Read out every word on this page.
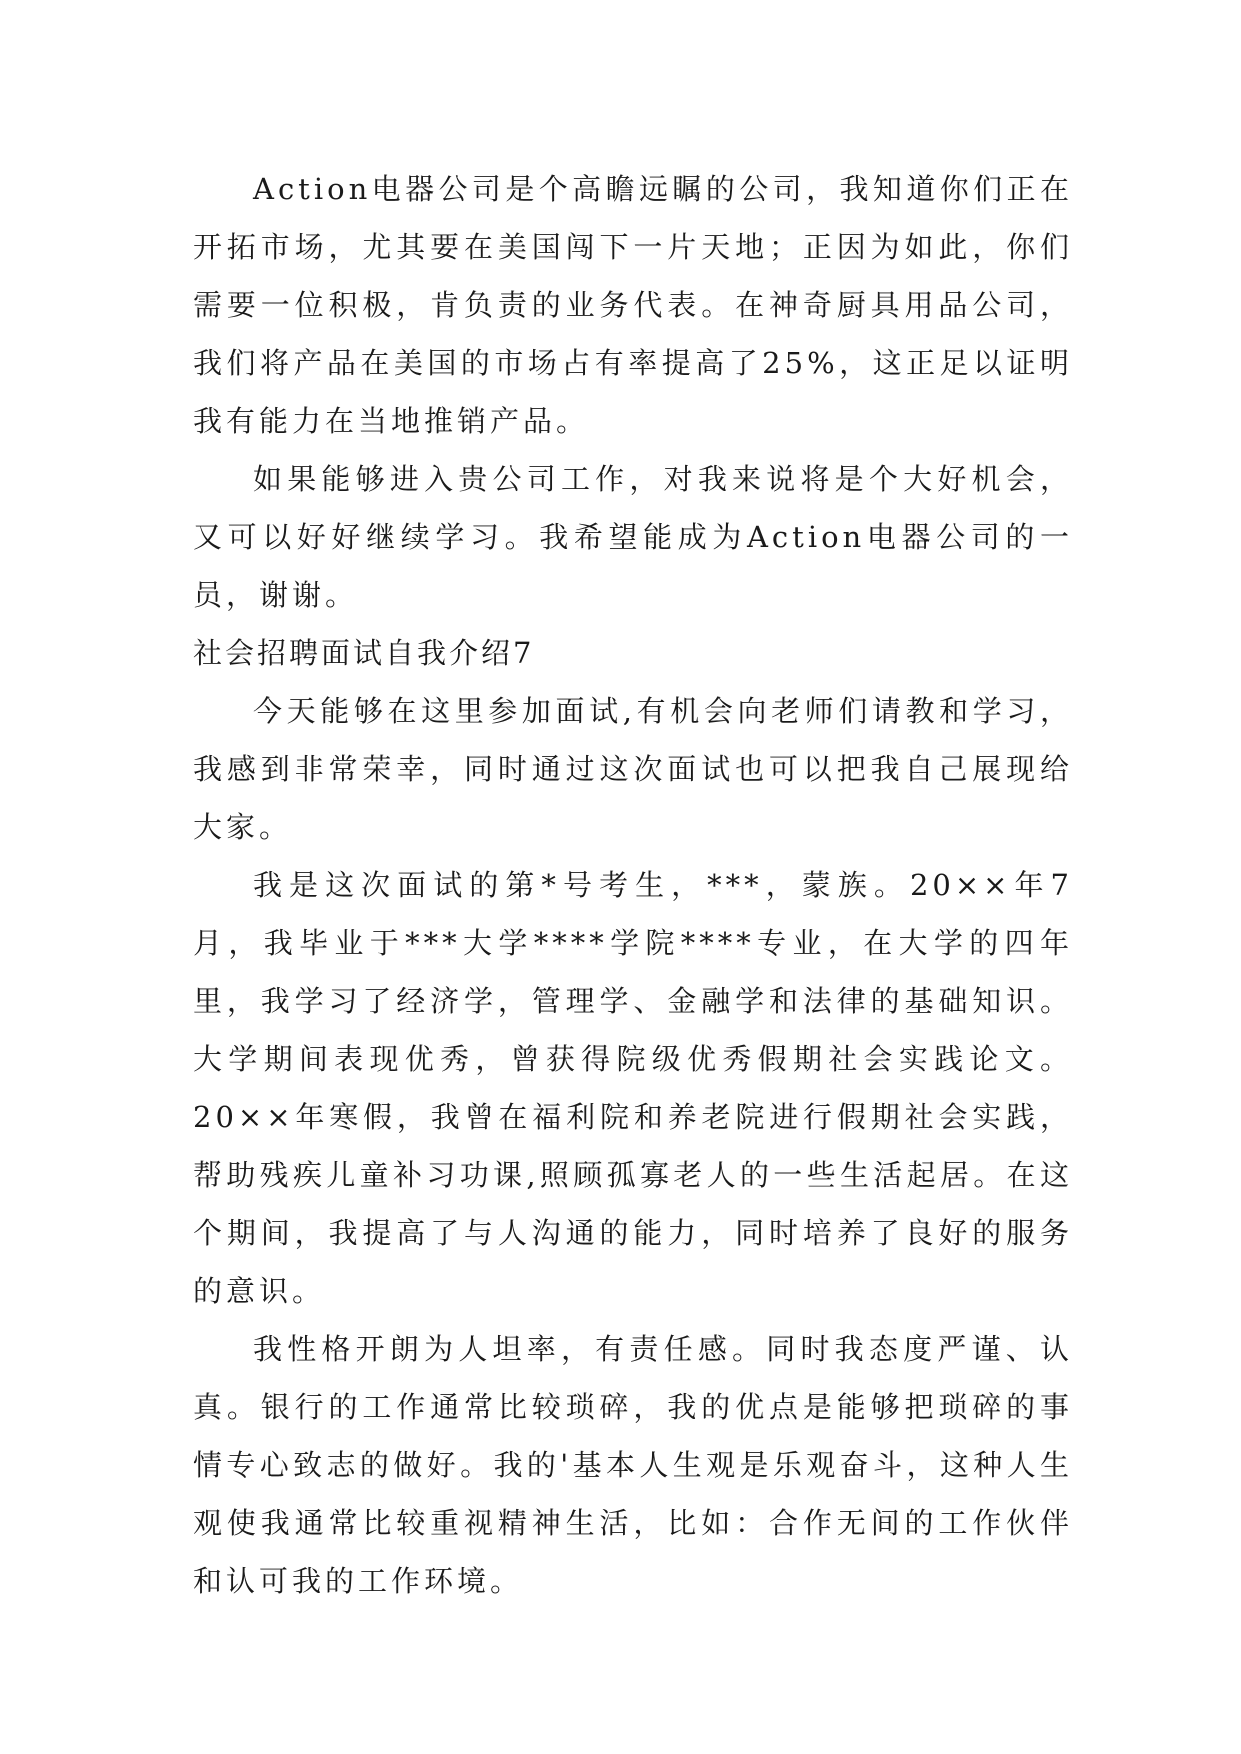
Action电器公司是个高瞻远瞩的公司，我知道你们正在开拓市场，尤其要在美国闯下一片天地；正因为如此，你们需要一位积极，肯负责的业务代表。在神奇厨具用品公司，我们将产品在美国的市场占有率提高了25%，这正足以证明我有能力在当地推销产品。

如果能够进入贵公司工作，对我来说将是个大好机会，又可以好好继续学习。我希望能成为Action电器公司的一员，谢谢。

社会招聘面试自我介绍7

今天能够在这里参加面试,有机会向老师们请教和学习，我感到非常荣幸，同时通过这次面试也可以把我自己展现给大家。

我是这次面试的第*号考生，***，蒙族。20××年7月，我毕业于***大学****学院****专业，在大学的四年里，我学习了经济学，管理学、金融学和法律的基础知识。大学期间表现优秀，曾获得院级优秀假期社会实践论文。20××年寒假，我曾在福利院和养老院进行假期社会实践，帮助残疾儿童补习功课,照顾孤寡老人的一些生活起居。在这个期间，我提高了与人沟通的能力，同时培养了良好的服务的意识。

我性格开朗为人坦率，有责任感。同时我态度严谨、认真。银行的工作通常比较琐碎，我的优点是能够把琐碎的事情专心致志的做好。我的'基本人生观是乐观奋斗，这种人生观使我通常比较重视精神生活，比如：合作无间的工作伙伴和认可我的工作环境。
